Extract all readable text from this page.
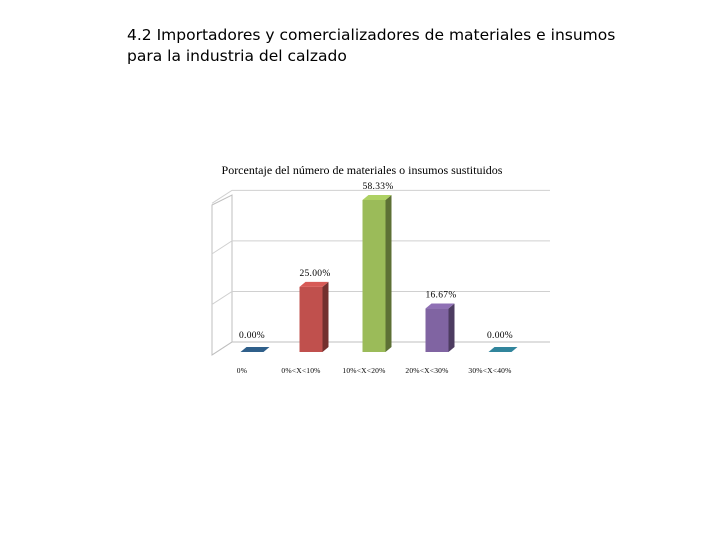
4.2 Importadores y comercializadores de materiales e insumos
para la industria del calzado
Porcentaje del número de materiales o insumos sustituidos
0.00%
25.00%
58.33%
16.67%
0.00%
0%	0%<X<10%	10%<X<20%	20%<X<30%	30%<X<40%
